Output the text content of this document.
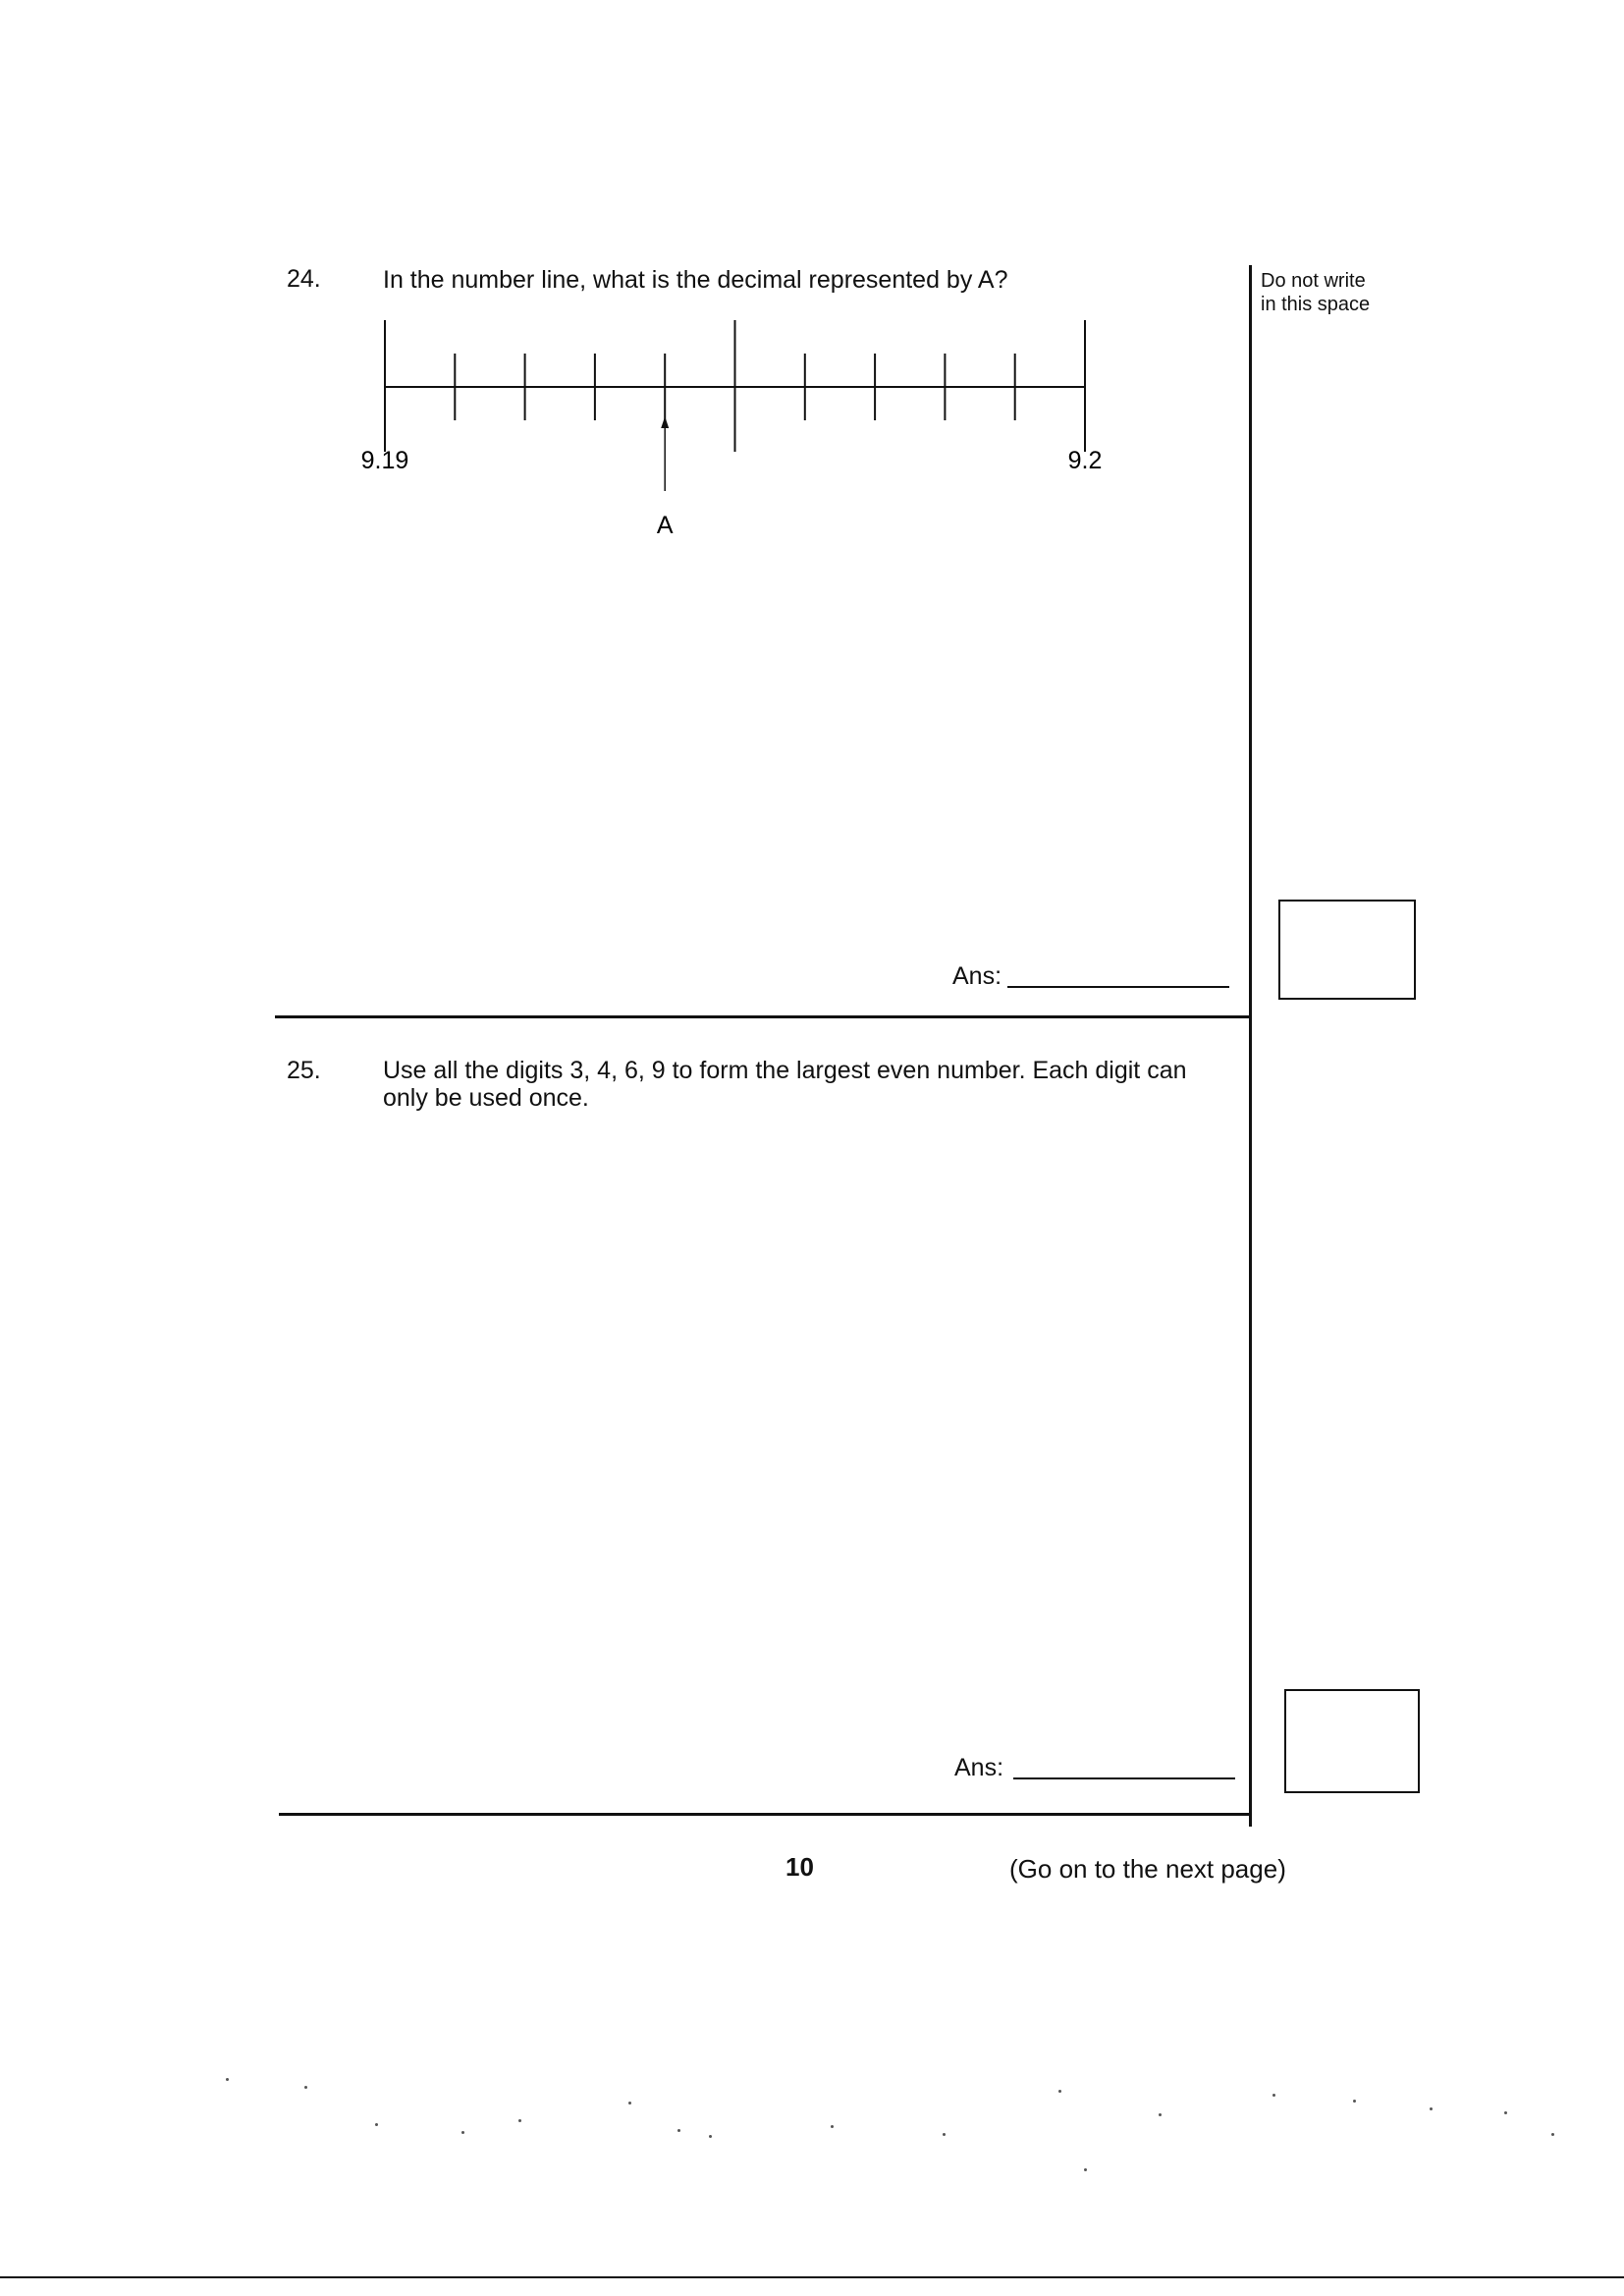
Do not write
in this space
24.	In the number line, what is the decimal represented by A?
9.19	9.2
A
Ans:
25.	Use all the digits 3, 4, 6, 9 to form the largest even number. Each digit can
only be used once.
Ans:
10	(Go on to the next page)
